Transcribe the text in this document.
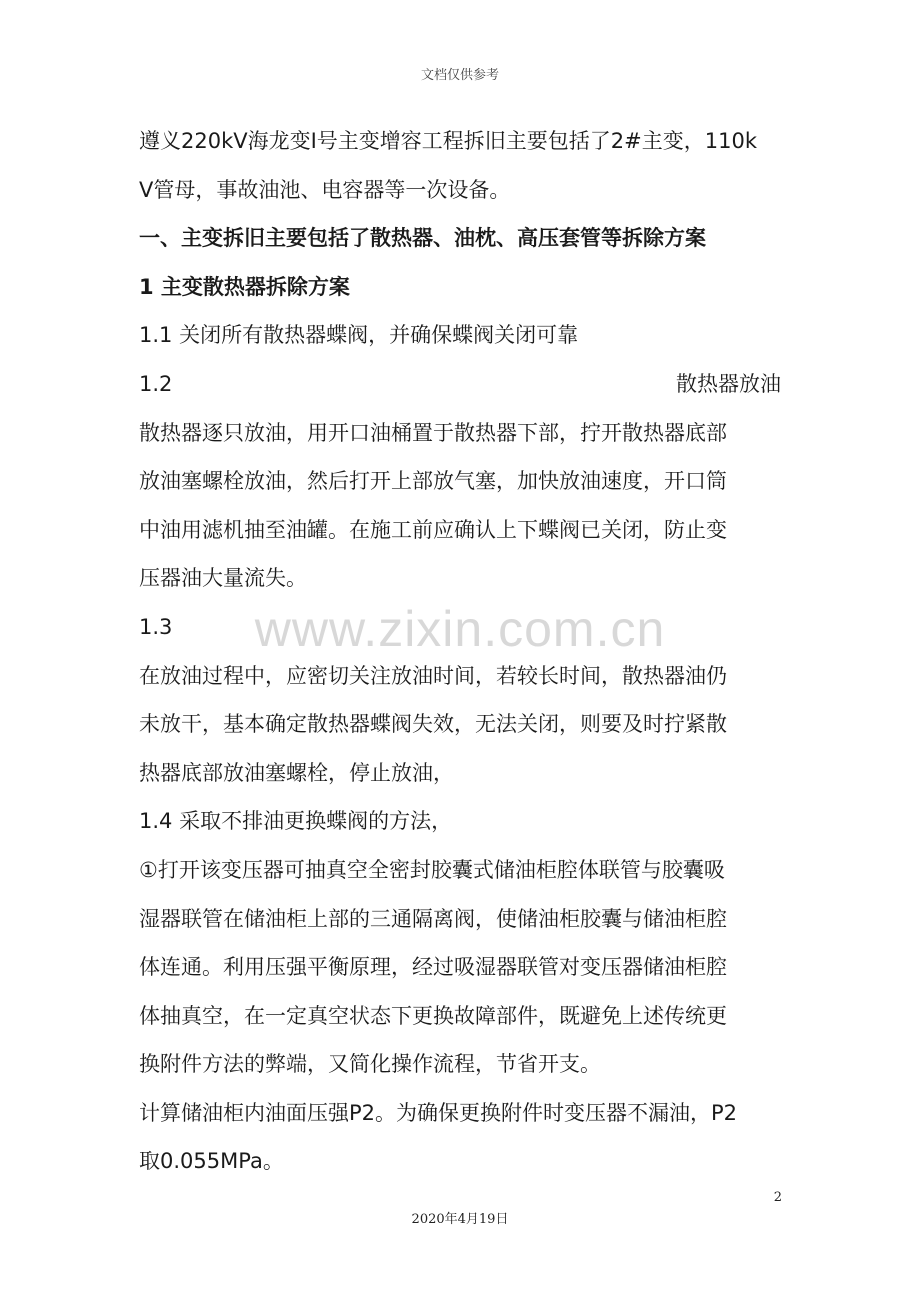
文档仅供参考
www.zixin.com.cn

遵义220kV海龙变Ⅰ号主变增容工程拆旧主要包括了2#主变，110k

V管母，事故油池、电容器等一次设备。

一、主变拆旧主要包括了散热器、油枕、高压套管等拆除方案

1 主变散热器拆除方案

1.1 关闭所有散热器蝶阀，并确保蝶阀关闭可靠

1.2	散热器放油

散热器逐只放油，用开口油桶置于散热器下部，拧开散热器底部

放油塞螺栓放油，然后打开上部放气塞，加快放油速度，开口筒

中油用滤机抽至油罐。在施工前应确认上下蝶阀已关闭，防止变

压器油大量流失。

1.3

在放油过程中，应密切关注放油时间，若较长时间，散热器油仍

未放干，基本确定散热器蝶阀失效，无法关闭，则要及时拧紧散

热器底部放油塞螺栓，停止放油，

1.4 采取不排油更换蝶阀的方法，

①打开该变压器可抽真空全密封胶囊式储油柜腔体联管与胶囊吸

湿器联管在储油柜上部的三通隔离阀，使储油柜胶囊与储油柜腔

体连通。利用压强平衡原理，经过吸湿器联管对变压器储油柜腔

体抽真空，在一定真空状态下更换故障部件，既避免上述传统更

换附件方法的弊端，又简化操作流程，节省开支。

计算储油柜内油面压强P2。为确保更换附件时变压器不漏油，P2

取0.055MPa。

2
2020年4月19日
